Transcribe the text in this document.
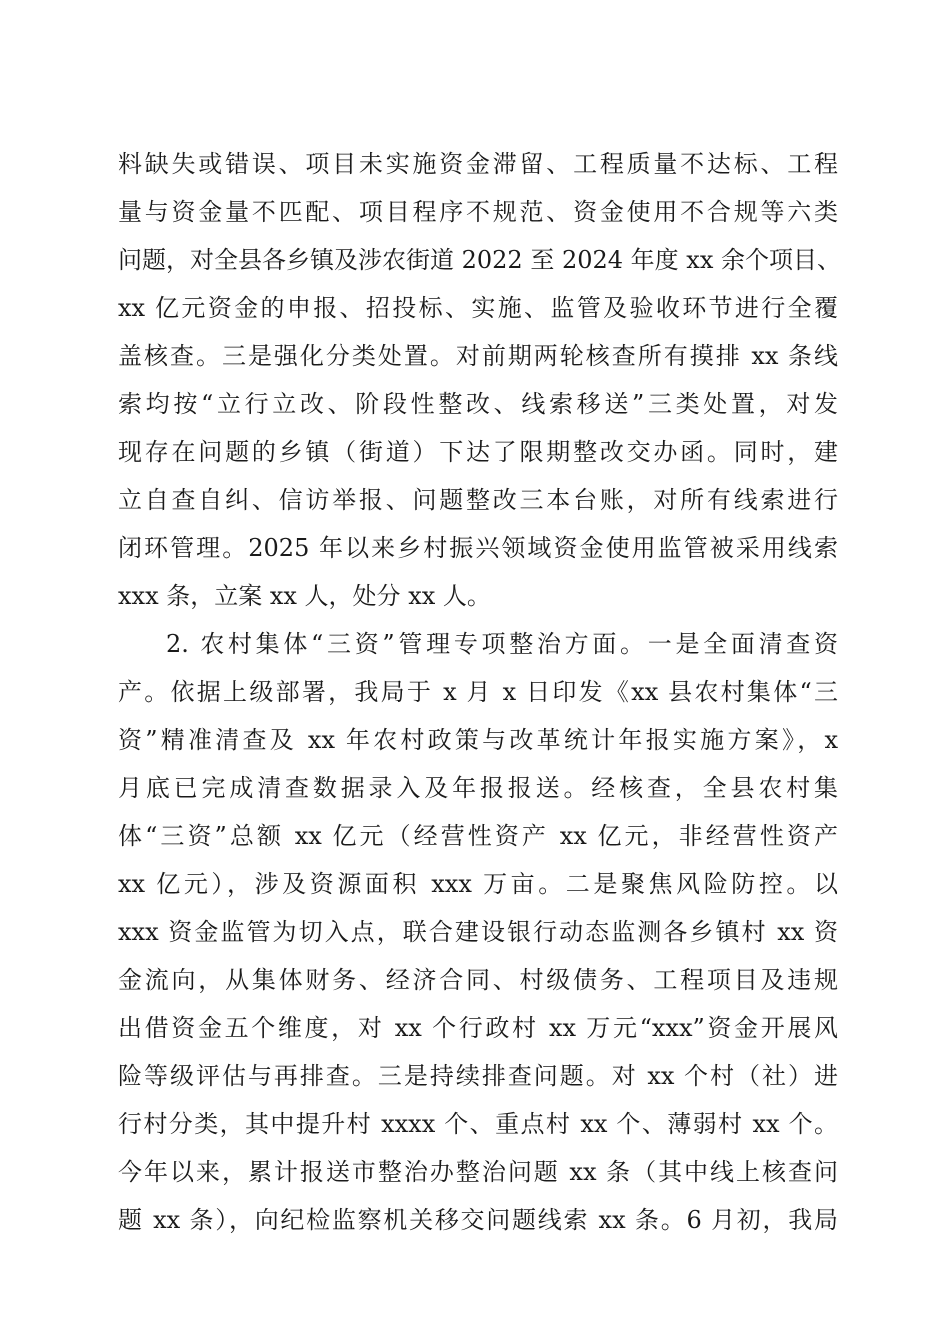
料缺失或错误、项目未实施资金滞留、工程质量不达标、工程
量与资金量不匹配、项目程序不规范、资金使用不合规等六类
问题，对全县各乡镇及涉农街道 2022 至 2024 年度 xx 余个项目、
xx 亿元资金的申报、招投标、实施、监管及验收环节进行全覆
盖核查。三是强化分类处置。对前期两轮核查所有摸排 xx 条线
索均按“立行立改、阶段性整改、线索移送”三类处置，对发
现存在问题的乡镇（街道）下达了限期整改交办函。同时，建
立自查自纠、信访举报、问题整改三本台账，对所有线索进行
闭环管理。2025 年以来乡村振兴领域资金使用监管被采用线索
xxx 条，立案 xx 人，处分 xx 人。
2. 农村集体“三资”管理专项整治方面。一是全面清查资
产。依据上级部署，我局于 x 月 x 日印发《xx 县农村集体“三
资”精准清查及 xx 年农村政策与改革统计年报实施方案》，x
月底已完成清查数据录入及年报报送。经核查，全县农村集
体“三资”总额 xx 亿元（经营性资产 xx 亿元，非经营性资产
xx 亿元），涉及资源面积 xxx 万亩。二是聚焦风险防控。以
xxx 资金监管为切入点，联合建设银行动态监测各乡镇村 xx 资
金流向，从集体财务、经济合同、村级债务、工程项目及违规
出借资金五个维度，对 xx 个行政村 xx 万元“xxx”资金开展风
险等级评估与再排查。三是持续排查问题。对 xx 个村（社）进
行村分类，其中提升村 xxxx 个、重点村 xx 个、薄弱村 xx 个。
今年以来，累计报送市整治办整治问题 xx 条（其中线上核查问
题 xx 条），向纪检监察机关移交问题线索 xx 条。6 月初，我局
